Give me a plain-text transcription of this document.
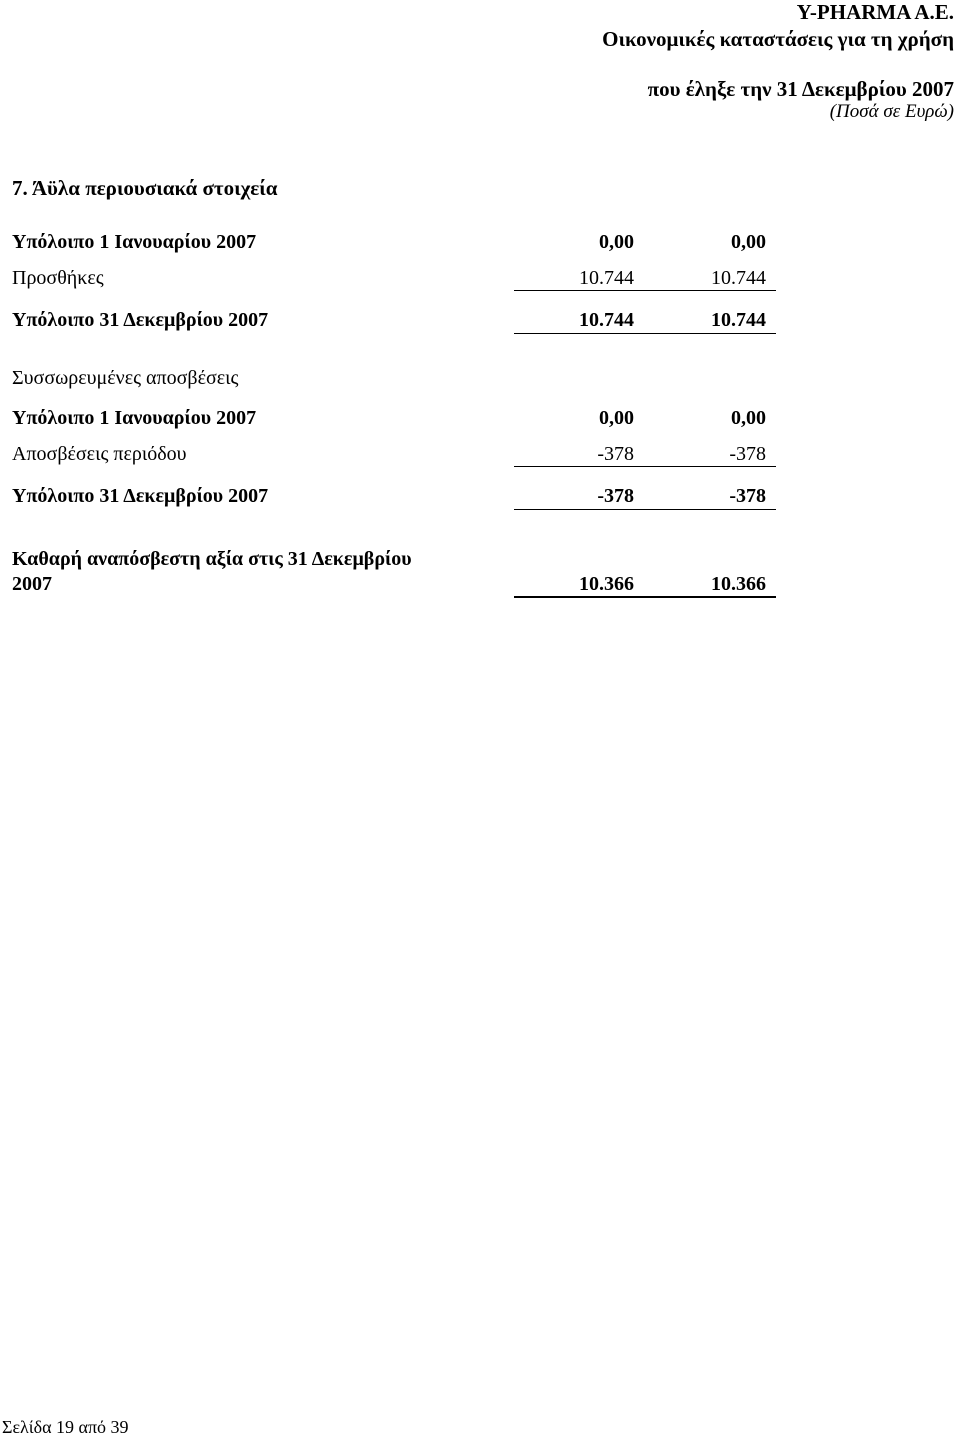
Y-PHARMA A.E.
Οικονομικές καταστάσεις για τη χρήση
που έληξε την 31 Δεκεμβρίου 2007
(Ποσά σε Ευρώ)
7. Άϋλα περιουσιακά στοιχεία
Υπόλοιπο 1 Ιανουαρίου 2007	0,00	0,00
Προσθήκες	10.744	10.744
Υπόλοιπο 31 Δεκεμβρίου 2007	10.744	10.744
Συσσωρευμένες αποσβέσεις
Υπόλοιπο 1 Ιανουαρίου 2007	0,00	0,00
Αποσβέσεις περιόδου	-378	-378
Υπόλοιπο 31 Δεκεμβρίου 2007	-378	-378
Καθαρή αναπόσβεστη αξία στις 31 Δεκεμβρίου
2007	10.366	10.366
Σελίδα 19 από 39
